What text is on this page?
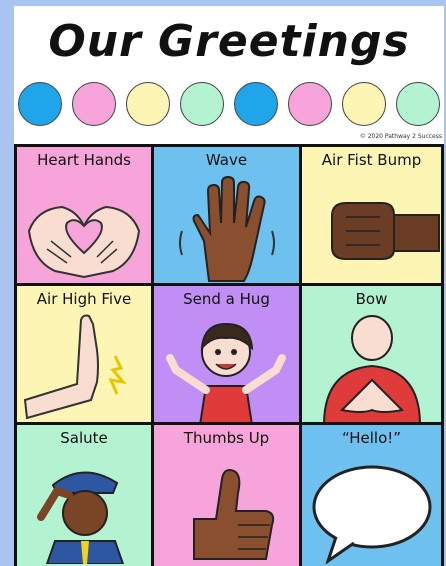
Our Greetings
© 2020 Pathway 2 Success
Heart Hands	Wave	Air Fist Bump
Air High Five	Send a Hug	Bow
Salute	Thumbs Up	“Hello!”
